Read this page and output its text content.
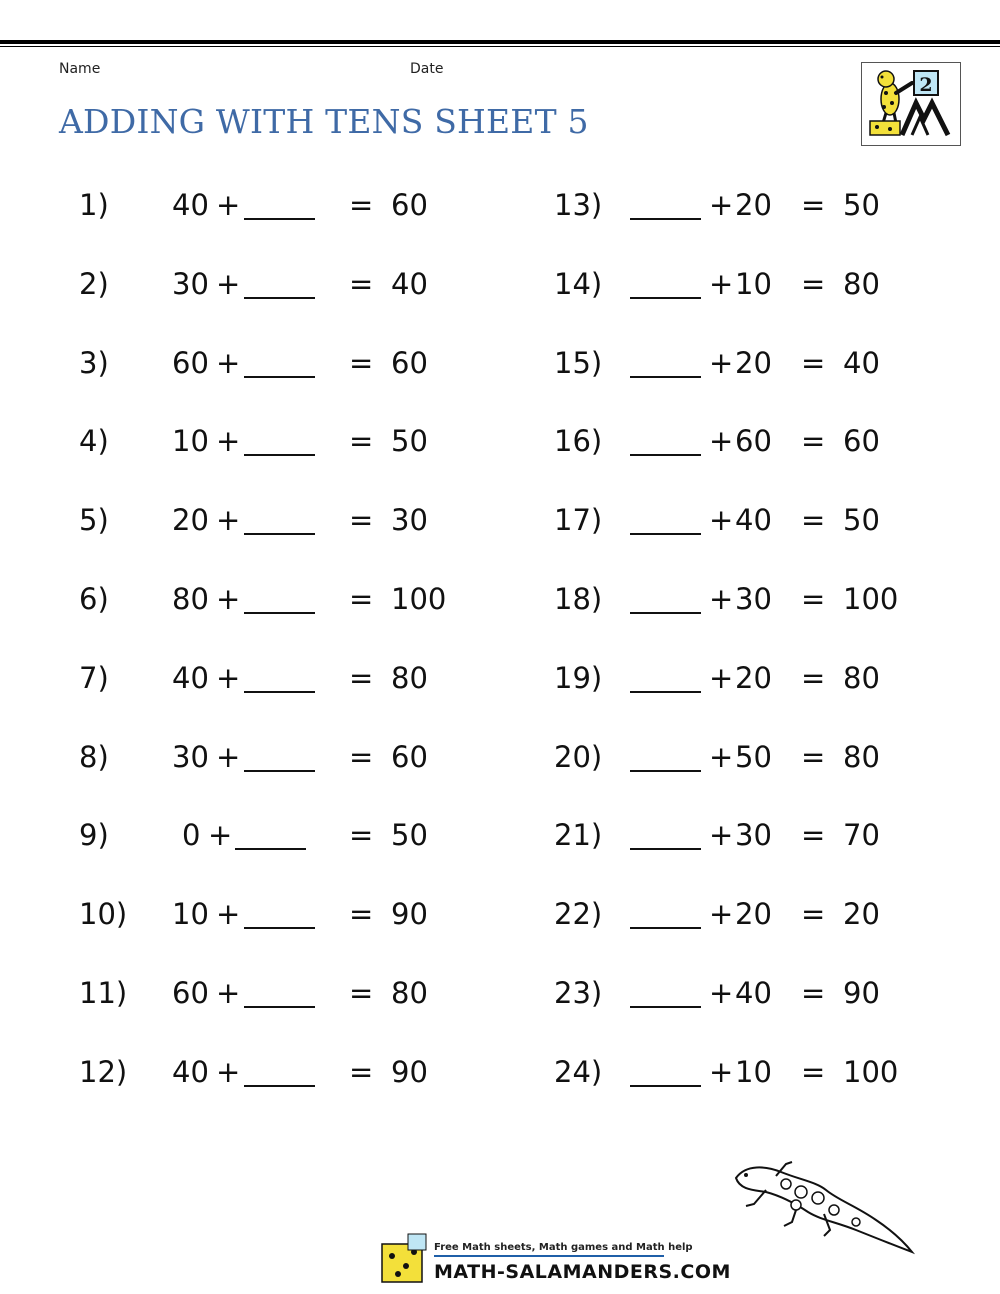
Name	Date
ADDING WITH TENS SHEET 5
2
1) 40 +	= 60
2) 30 +	= 40
3) 60 +	= 60
4) 10 +	= 50
5) 20 +	= 30
6) 80 +	= 100
7) 40 +	= 80
8) 30 +	= 60
9)	0 +	= 50
10) 10 +	= 90
11) 60 +	= 80
12) 40 +	= 90
13)	+ 20 = 50
14)	+ 10 = 80
15)	+ 20 = 40
16)	+ 60 = 60
17)	+ 40 = 50
18)	+ 30 = 100
19)	+ 20 = 80
20)	+ 50 = 80
21)	+ 30 = 70
22)	+ 20 = 20
23)	+ 40 = 90
24)	+ 10 = 100
Free Math sheets, Math games and Math help
MATH-SALAMANDERS.COM
